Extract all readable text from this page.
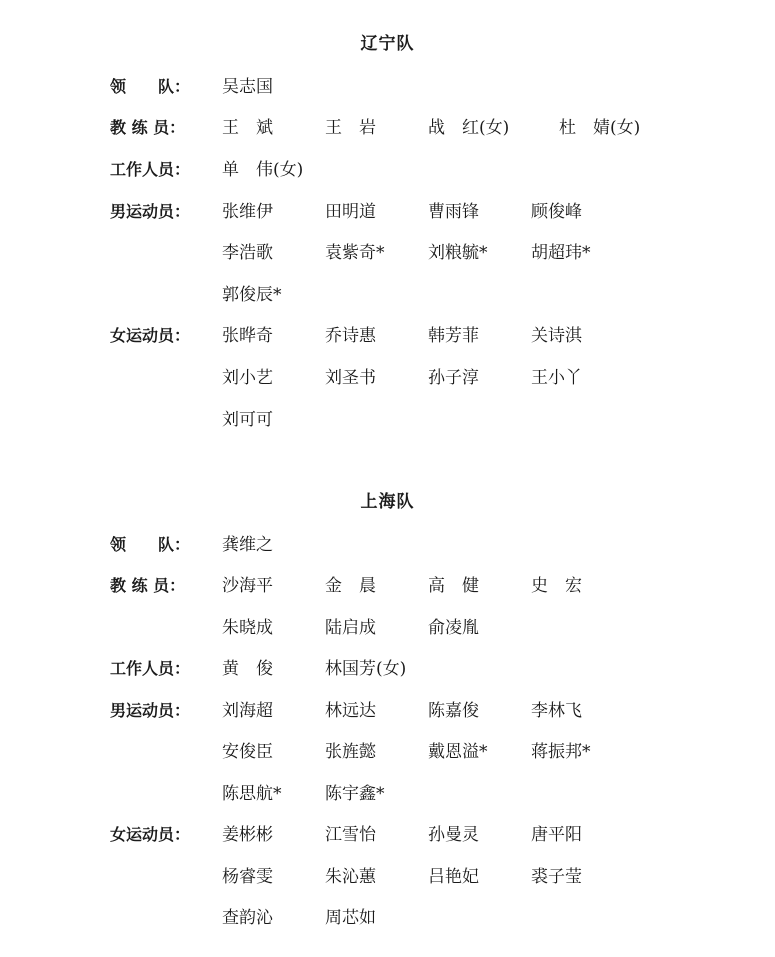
辽宁队
领　　队：	吴志国
教 练 员：	王　斌	王　岩	战　红(女)	杜　婧(女)
工作人员：	单　伟(女)
男运动员：	张维伊	田明道	曹雨锋	顾俊峰
李浩歌	袁紫奇*	刘粮毓*	胡超玮*
郭俊辰*
女运动员：	张晔奇	乔诗惠	韩芳菲	关诗淇
刘小艺	刘圣书	孙子淳	王小丫
刘可可
上海队
领　　队：	龚维之
教 练 员：	沙海平	金　晨	高　健	史　宏
朱晓成	陆启成	俞凌胤
工作人员：	黄　俊	林国芳(女)
男运动员：	刘海超	林远达	陈嘉俊	李林飞
安俊臣	张旌懿	戴恩溢*	蒋振邦*
陈思航*	陈宇鑫*
女运动员：	姜彬彬	江雪怡	孙曼灵	唐平阳
杨睿雯	朱沁蕙	吕艳妃	裘子莹
查韵沁	周芯如
